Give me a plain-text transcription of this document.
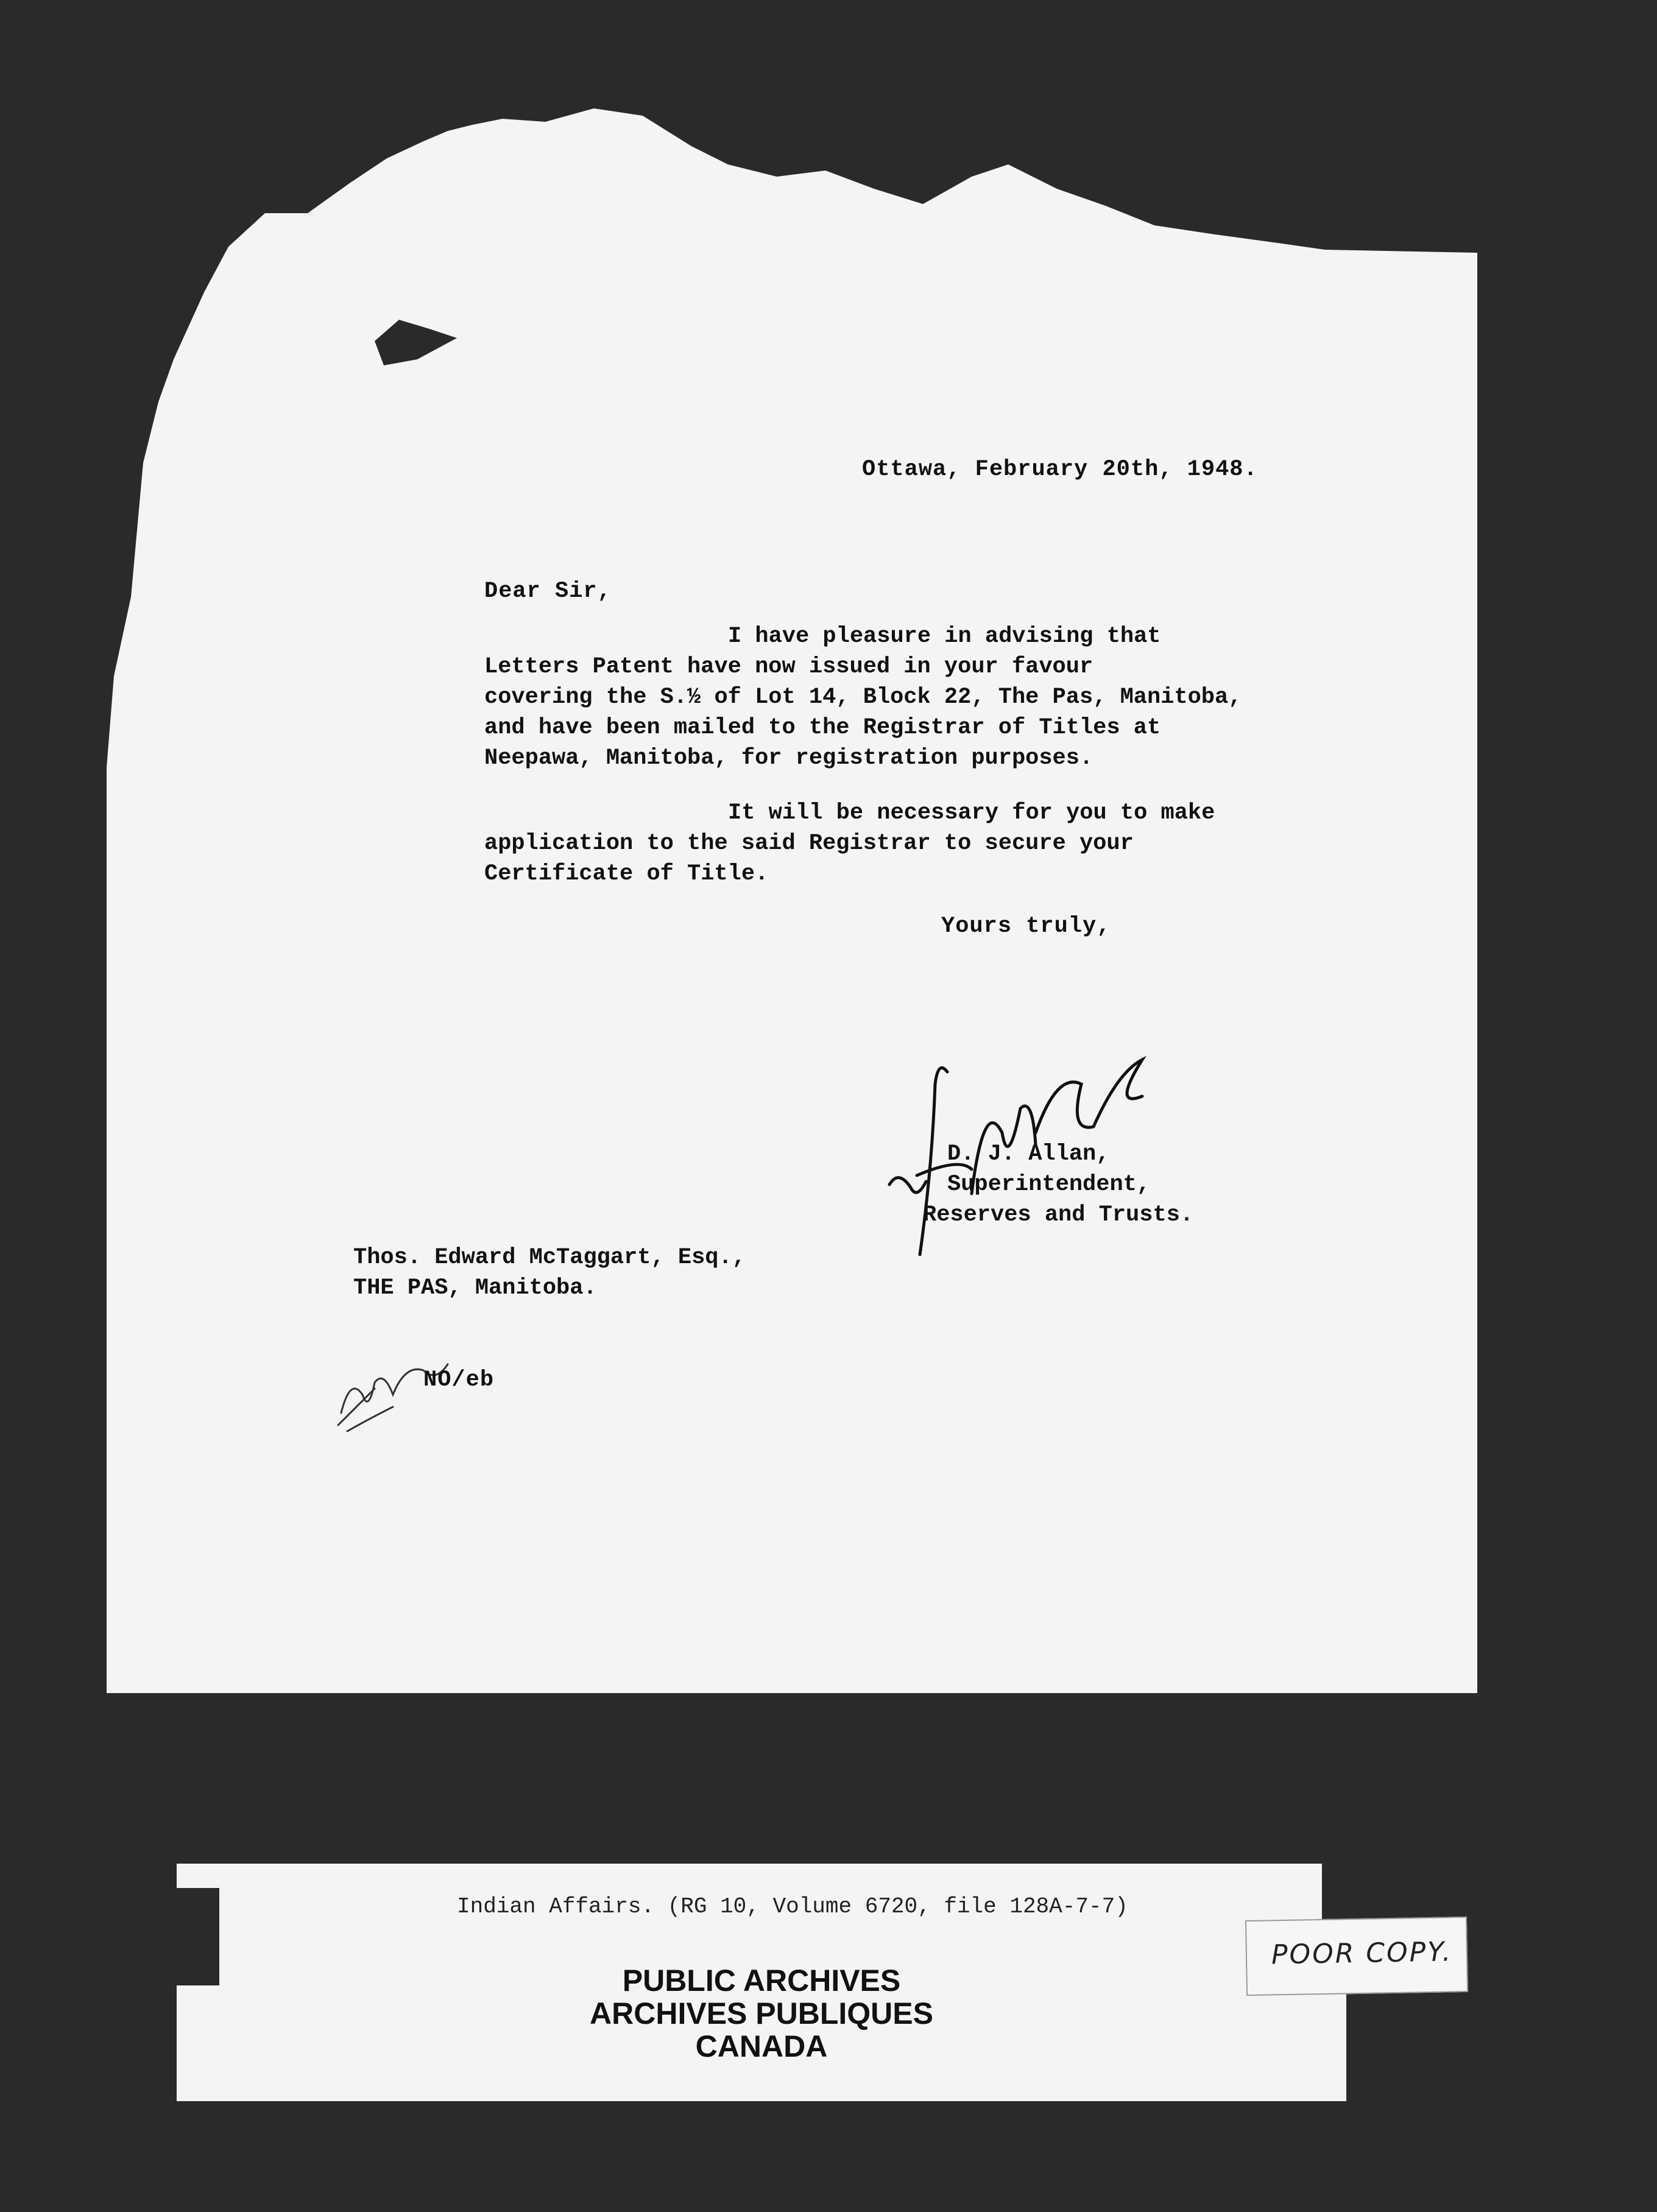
Ottawa, February 20th, 1948.
Dear Sir,
I have pleasure in advising that
Letters Patent have now issued in your favour
covering the S.½ of Lot 14, Block 22, The Pas, Manitoba,
and have been mailed to the Registrar of Titles at
Neepawa, Manitoba, for registration purposes.
It will be necessary for you to make
application to the said Registrar to secure your
Certificate of Title.
Yours truly,
D. J. Allan,
Superintendent,
Reserves and Trusts.
Thos. Edward McTaggart, Esq.,
THE PAS, Manitoba.
NO/eb
Indian Affairs. (RG 10, Volume 6720, file 128A-7-7)
PUBLIC ARCHIVES
ARCHIVES PUBLIQUES
CANADA
POOR COPY.
